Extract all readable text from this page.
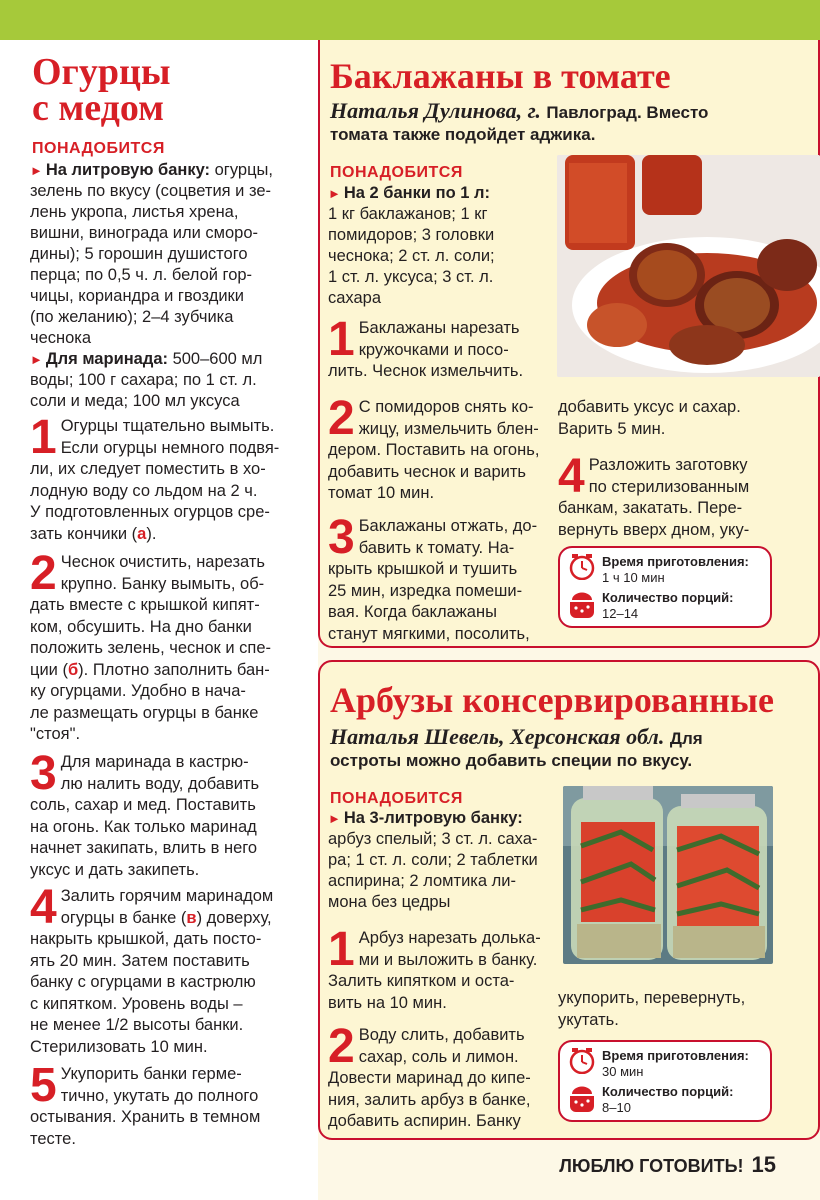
Огурцы
с медом
ПОНАДОБИТСЯ
► На литровую банку: огурцы,
зелень по вкусу (соцветия и зе-
лень укропа, листья хрена,
вишни, винограда или сморо-
дины); 5 горошин душистого
перца; по 0,5 ч. л. белой гор-
чицы, кориандра и гвоздики
(по желанию); 2–4 зубчика
чеснока
► Для маринада: 500–600 мл
воды; 100 г сахара; по 1 ст. л.
соли и меда; 100 мл уксуса
1 Огурцы тщательно вымыть.
Если огурцы немного подвя-
ли, их следует поместить в хо-
лодную воду со льдом на 2 ч.
У подготовленных огурцов сре-
зать кончики (а).
2 Чеснок очистить, нарезать
крупно. Банку вымыть, об-
дать вместе с крышкой кипят-
ком, обсушить. На дно банки
положить зелень, чеснок и спе-
ции (б). Плотно заполнить бан-
ку огурцами. Удобно в нача-
ле размещать огурцы в банке
"стоя".
3 Для маринада в кастрю-
лю налить воду, добавить
соль, сахар и мед. Поставить
на огонь. Как только маринад
начнет закипать, влить в него
уксус и дать закипеть.
4 Залить горячим маринадом
огурцы в банке (в) доверху,
накрыть крышкой, дать посто-
ять 20 мин. Затем поставить
банку с огурцами в кастрюлю
с кипятком. Уровень воды –
не менее 1/2 высоты банки.
Стерилизовать 10 мин.
5 Укупорить банки герме-
тично, укутать до полного
остывания. Хранить в темном
тесте.
Баклажаны в томате
Наталья Дулинова, г. Павлоград. Вместо
томата также подойдет аджика.
ПОНАДОБИТСЯ
► На 2 банки по 1 л:
1 кг баклажанов; 1 кг
помидоров; 3 головки
чеснока; 2 ст. л. соли;
1 ст. л. уксуса; 3 ст. л.
сахара
1 Баклажаны нарезать
кружочками и посо-
лить. Чеснок измельчить.
2 С помидоров снять ко-
жицу, измельчить блен-
дером. Поставить на огонь,
добавить чеснок и варить
томат 10 мин.
3 Баклажаны отжать, до-
бавить к томату. На-
крыть крышкой и тушить
25 мин, изредка помеши-
вая. Когда баклажаны
станут мягкими, посолить,
добавить уксус и сахар.
Варить 5 мин.
4 Разложить заготовку
по стерилизованным
банкам, закатать. Пере-
вернуть вверх дном, уку-
Время приготовления:
1 ч 10 мин
Количество порций:
12–14
Арбузы консервированные
Наталья Шевель, Херсонская обл. Для
остроты можно добавить специи по вкусу.
ПОНАДОБИТСЯ
► На 3-литровую банку:
арбуз спелый; 3 ст. л. саха-
ра; 1 ст. л. соли; 2 таблетки
аспирина; 2 ломтика ли-
мона без цедры
1 Арбуз нарезать долька-
ми и выложить в банку.
Залить кипятком и оста-
вить на 10 мин.
2 Воду слить, добавить
сахар, соль и лимон.
Довести маринад до кипе-
ния, залить арбуз в банке,
добавить аспирин. Банку
укупорить, перевернуть,
укутать.
Время приготовления:
30 мин
Количество порций:
8–10
ЛЮБЛЮ ГОТОВИТЬ! 15
